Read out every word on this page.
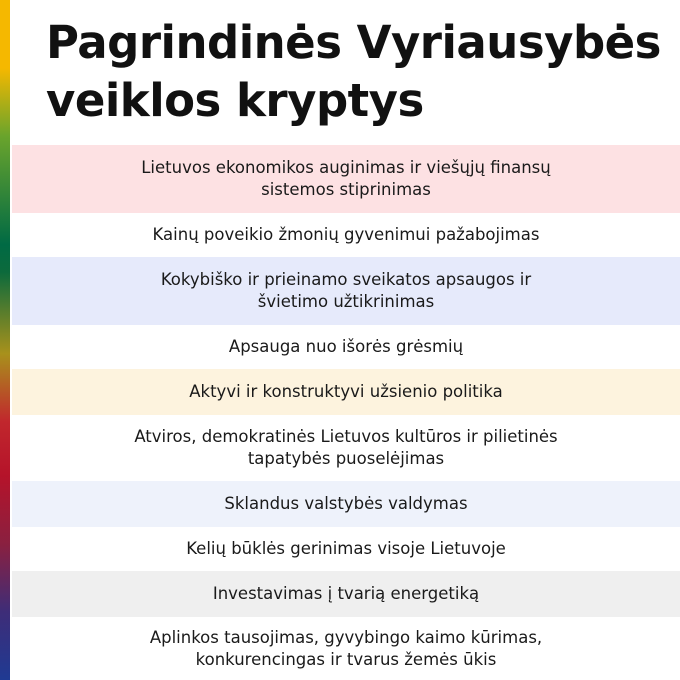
Pagrindinės Vyriausybės veiklos kryptys
Lietuvos ekonomikos auginimas ir viešųjų finansų sistemos stiprinimas
Kainų poveikio žmonių gyvenimui pažabojimas
Kokybiško ir prieinamo sveikatos apsaugos ir švietimo užtikrinimas
Apsauga nuo išorės grėsmių
Aktyvi ir konstruktyvi užsienio politika
Atviros, demokratinės Lietuvos kultūros ir pilietinės tapatybės puoselėjimas
Sklandus valstybės valdymas
Kelių būklės gerinimas visoje Lietuvoje
Investavimas į tvarią energetiką
Aplinkos tausojimas, gyvybingo kaimo kūrimas, konkurencingas ir tvarus žemės ūkis
